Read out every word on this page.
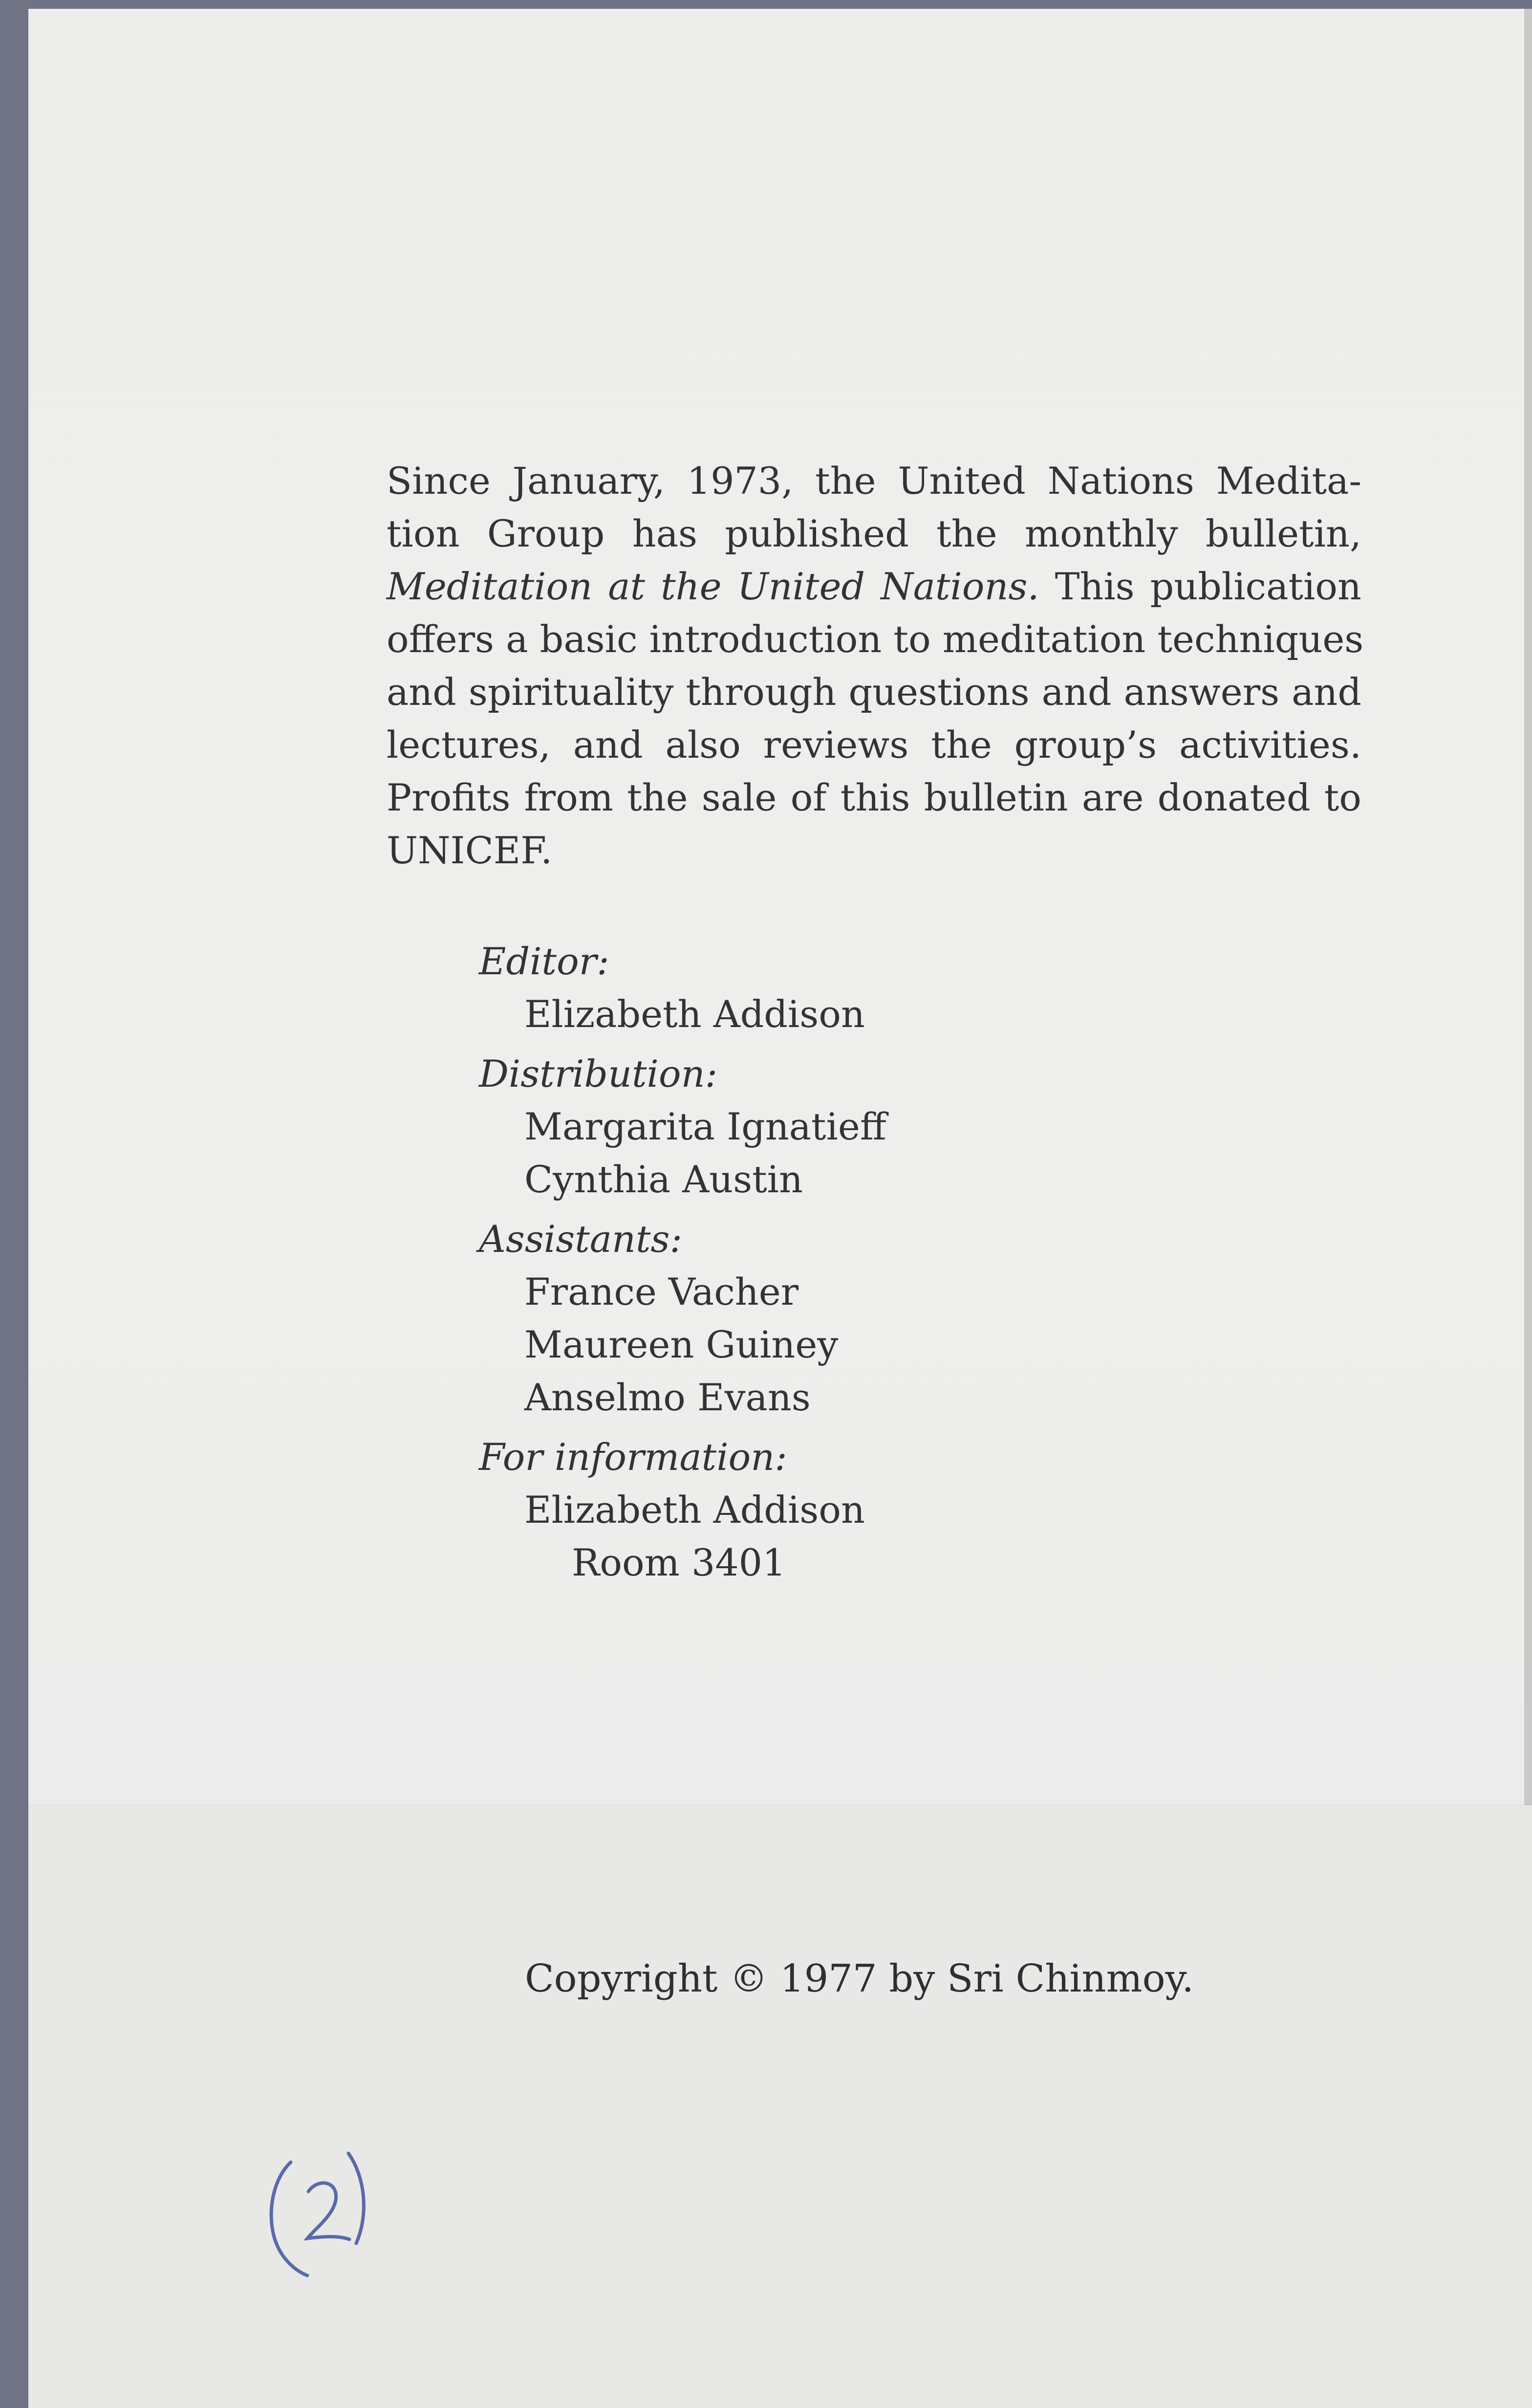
Since January, 1973, the United Nations Medita-
tion Group has published the monthly bulletin,
Meditation at the United Nations. This publication
offers a basic introduction to meditation techniques
and spirituality through questions and answers and
lectures, and also reviews the group’s activities.
Profits from the sale of this bulletin are donated to
UNICEF.
Editor:
Elizabeth Addison
Distribution:
Margarita Ignatieff
Cynthia Austin
Assistants:
France Vacher
Maureen Guiney
Anselmo Evans
For information:
Elizabeth Addison
Room 3401
Copyright © 1977 by Sri Chinmoy.
